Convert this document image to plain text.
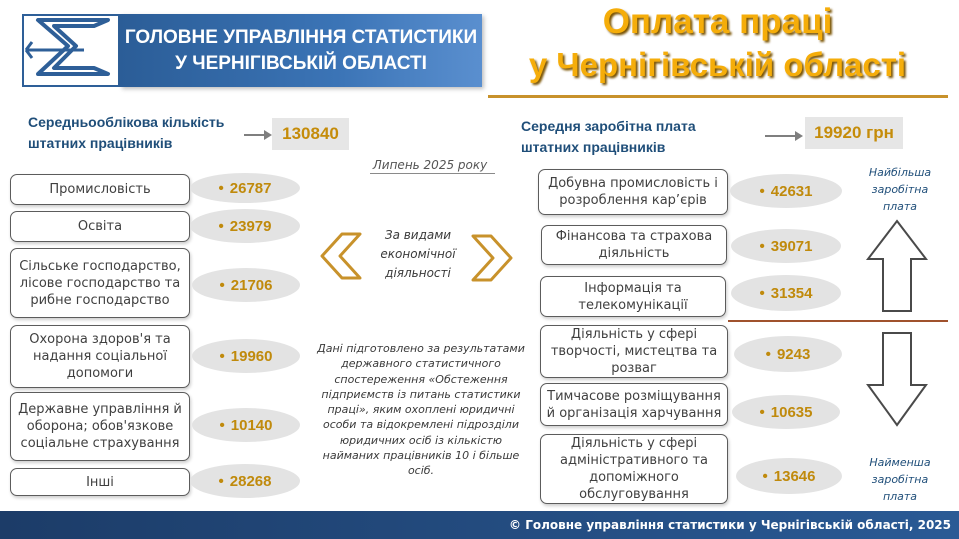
ГОЛОВНЕ УПРАВЛІННЯ СТАТИСТИКИ
У ЧЕРНІГІВСЬКІЙ ОБЛАСТІ
Оплата праці
у Чернігівській області
Середньооблікова кількість
штатних працівників	130840
Липень 2025 року
Середня заробітна плата
штатних працівників
19920 грн
Промисловість	• 26787
Освіта	• 23979
Сільське господарство, лісове господарство та рибне господарство
• 21706
Охорона здоров'я та надання соціальної допомоги
• 19960
Державне управління й оборона; обов'язкове соціальне страхування
• 10140
Інші	• 28268
За видами економічної діяльності
Дані підготовлено за результатами державного статистичного спостереження «Обстеження підприємств із питань статистики праці», яким охоплені юридичні особи та відокремлені підрозділи юридичних осіб із кількістю найманих працівників 10 і більше осіб.
Добувна промисловість і розроблення кар’єрів
• 42631
Фінансова та страхова діяльність	• 39071
Інформація та телекомунікації
• 31354
Діяльність у сфері творчості, мистецтва та розваг
• 9243
Тимчасове розміщування й організація харчування	• 10635
Діяльність у сфері адміністративного та допоміжного обслуговування
• 13646
Найбільша заробітна плата
Найменша заробітна плата
© Головне управління статистики у Чернігівській області, 2025
